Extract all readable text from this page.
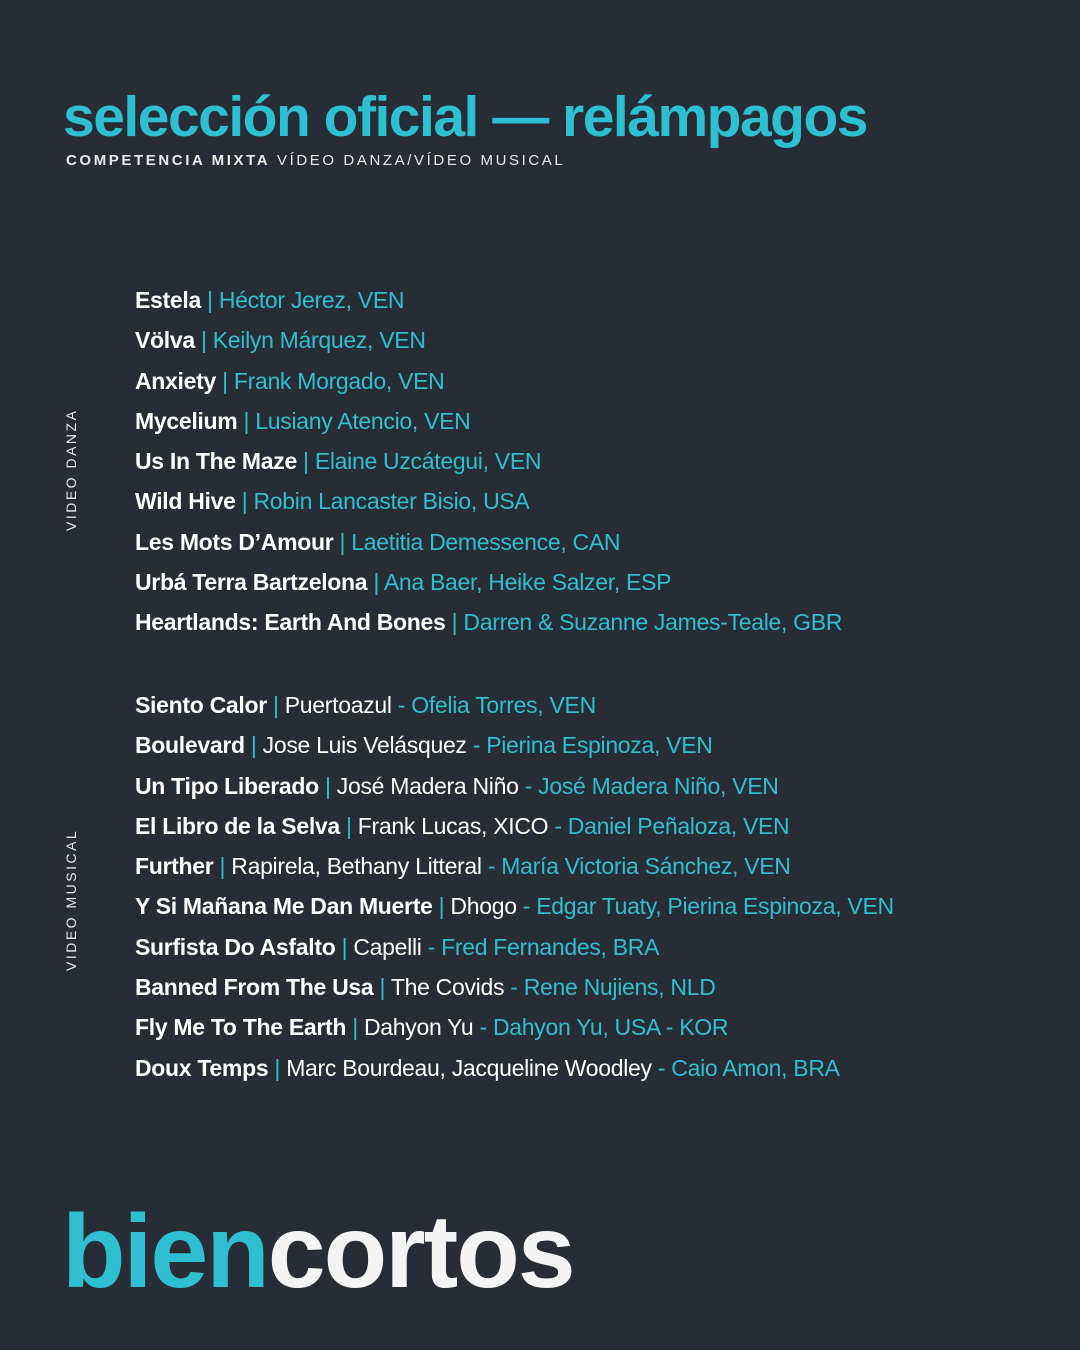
selección oficial — relámpagos
COMPETENCIA MIXTA VÍDEO DANZA/VÍDEO MUSICAL
VIDEO DANZA
Estela | Héctor Jerez, VEN
Völva | Keilyn Márquez, VEN
Anxiety | Frank Morgado, VEN
Mycelium | Lusiany Atencio, VEN
Us In The Maze | Elaine Uzcátegui, VEN
Wild Hive | Robin Lancaster Bisio, USA
Les Mots D’Amour | Laetitia Demessence, CAN
Urbá Terra Bartzelona | Ana Baer, Heike Salzer, ESP
Heartlands: Earth And Bones | Darren & Suzanne James-Teale, GBR
VIDEO MUSICAL
Siento Calor | Puertoazul - Ofelia Torres, VEN
Boulevard | Jose Luis Velásquez - Pierina Espinoza, VEN
Un Tipo Liberado | José Madera Niño - José Madera Niño, VEN
El Libro de la Selva | Frank Lucas, XICO - Daniel Peñaloza, VEN
Further | Rapirela, Bethany Litteral - María Victoria Sánchez, VEN
Y Si Mañana Me Dan Muerte | Dhogo - Edgar Tuaty, Pierina Espinoza, VEN
Surfista Do Asfalto | Capelli - Fred Fernandes, BRA
Banned From The Usa | The Covids - Rene Nujiens, NLD
Fly Me To The Earth | Dahyon Yu - Dahyon Yu, USA - KOR
Doux Temps | Marc Bourdeau, Jacqueline Woodley - Caio Amon, BRA
biencortos
